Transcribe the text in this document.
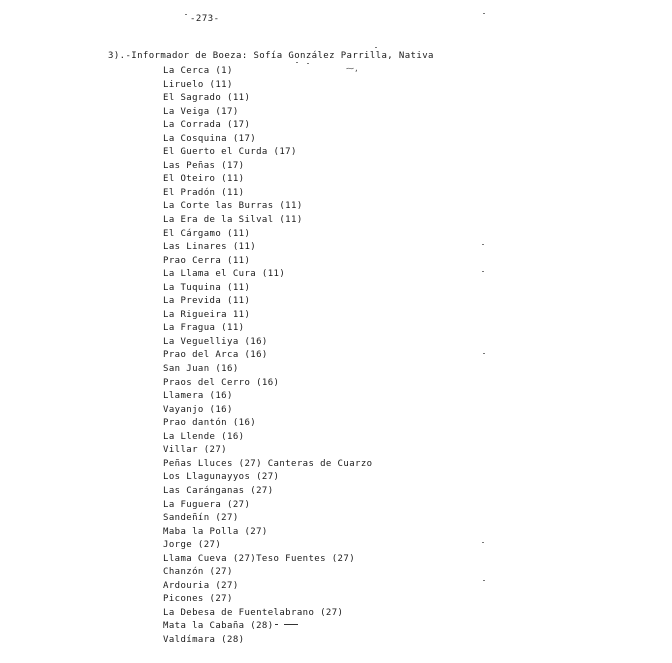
-273-
3).-Informador de Boeza: Sofía González Parrilla, Nativa
La Cerca (1)
Liruelo (11)
El Sagrado (11)
La Veiga (17)
La Corrada (17)
La Cosquina (17)
El Guerto el Curda (17)
Las Peñas (17)
El Oteiro (11)
El Pradón (11)
La Corte las Burras (11)
La Era de la Silval (11)
El Cárgamo (11)
Las Linares (11)
Prao Cerra (11)
La Llama el Cura (11)
La Tuquina (11)
La Previda (11)
La Rigueira 11)
La Fragua (11)
La Veguelliya (16)
Prao del Arca (16)
San Juan (16)
Praos del Cerro (16)
Llamera (16)
Vayanjo (16)
Prao dantón (16)
La Llende (16)
Villar (27)
Peñas Lluces (27) Canteras de Cuarzo
Los Llagunayyos (27)
Las Caránganas (27)
La Fuguera (27)
Sandeñín (27)
Maba la Polla (27)
Jorge (27)
Llama Cueva (27)Teso Fuentes (27)
Chanzón (27)
Ardouria (27)
Picones (27)
La Debesa de Fuentelabrano (27)
Mata la Cabaña (28)
Valdímara (28)
⁓,
